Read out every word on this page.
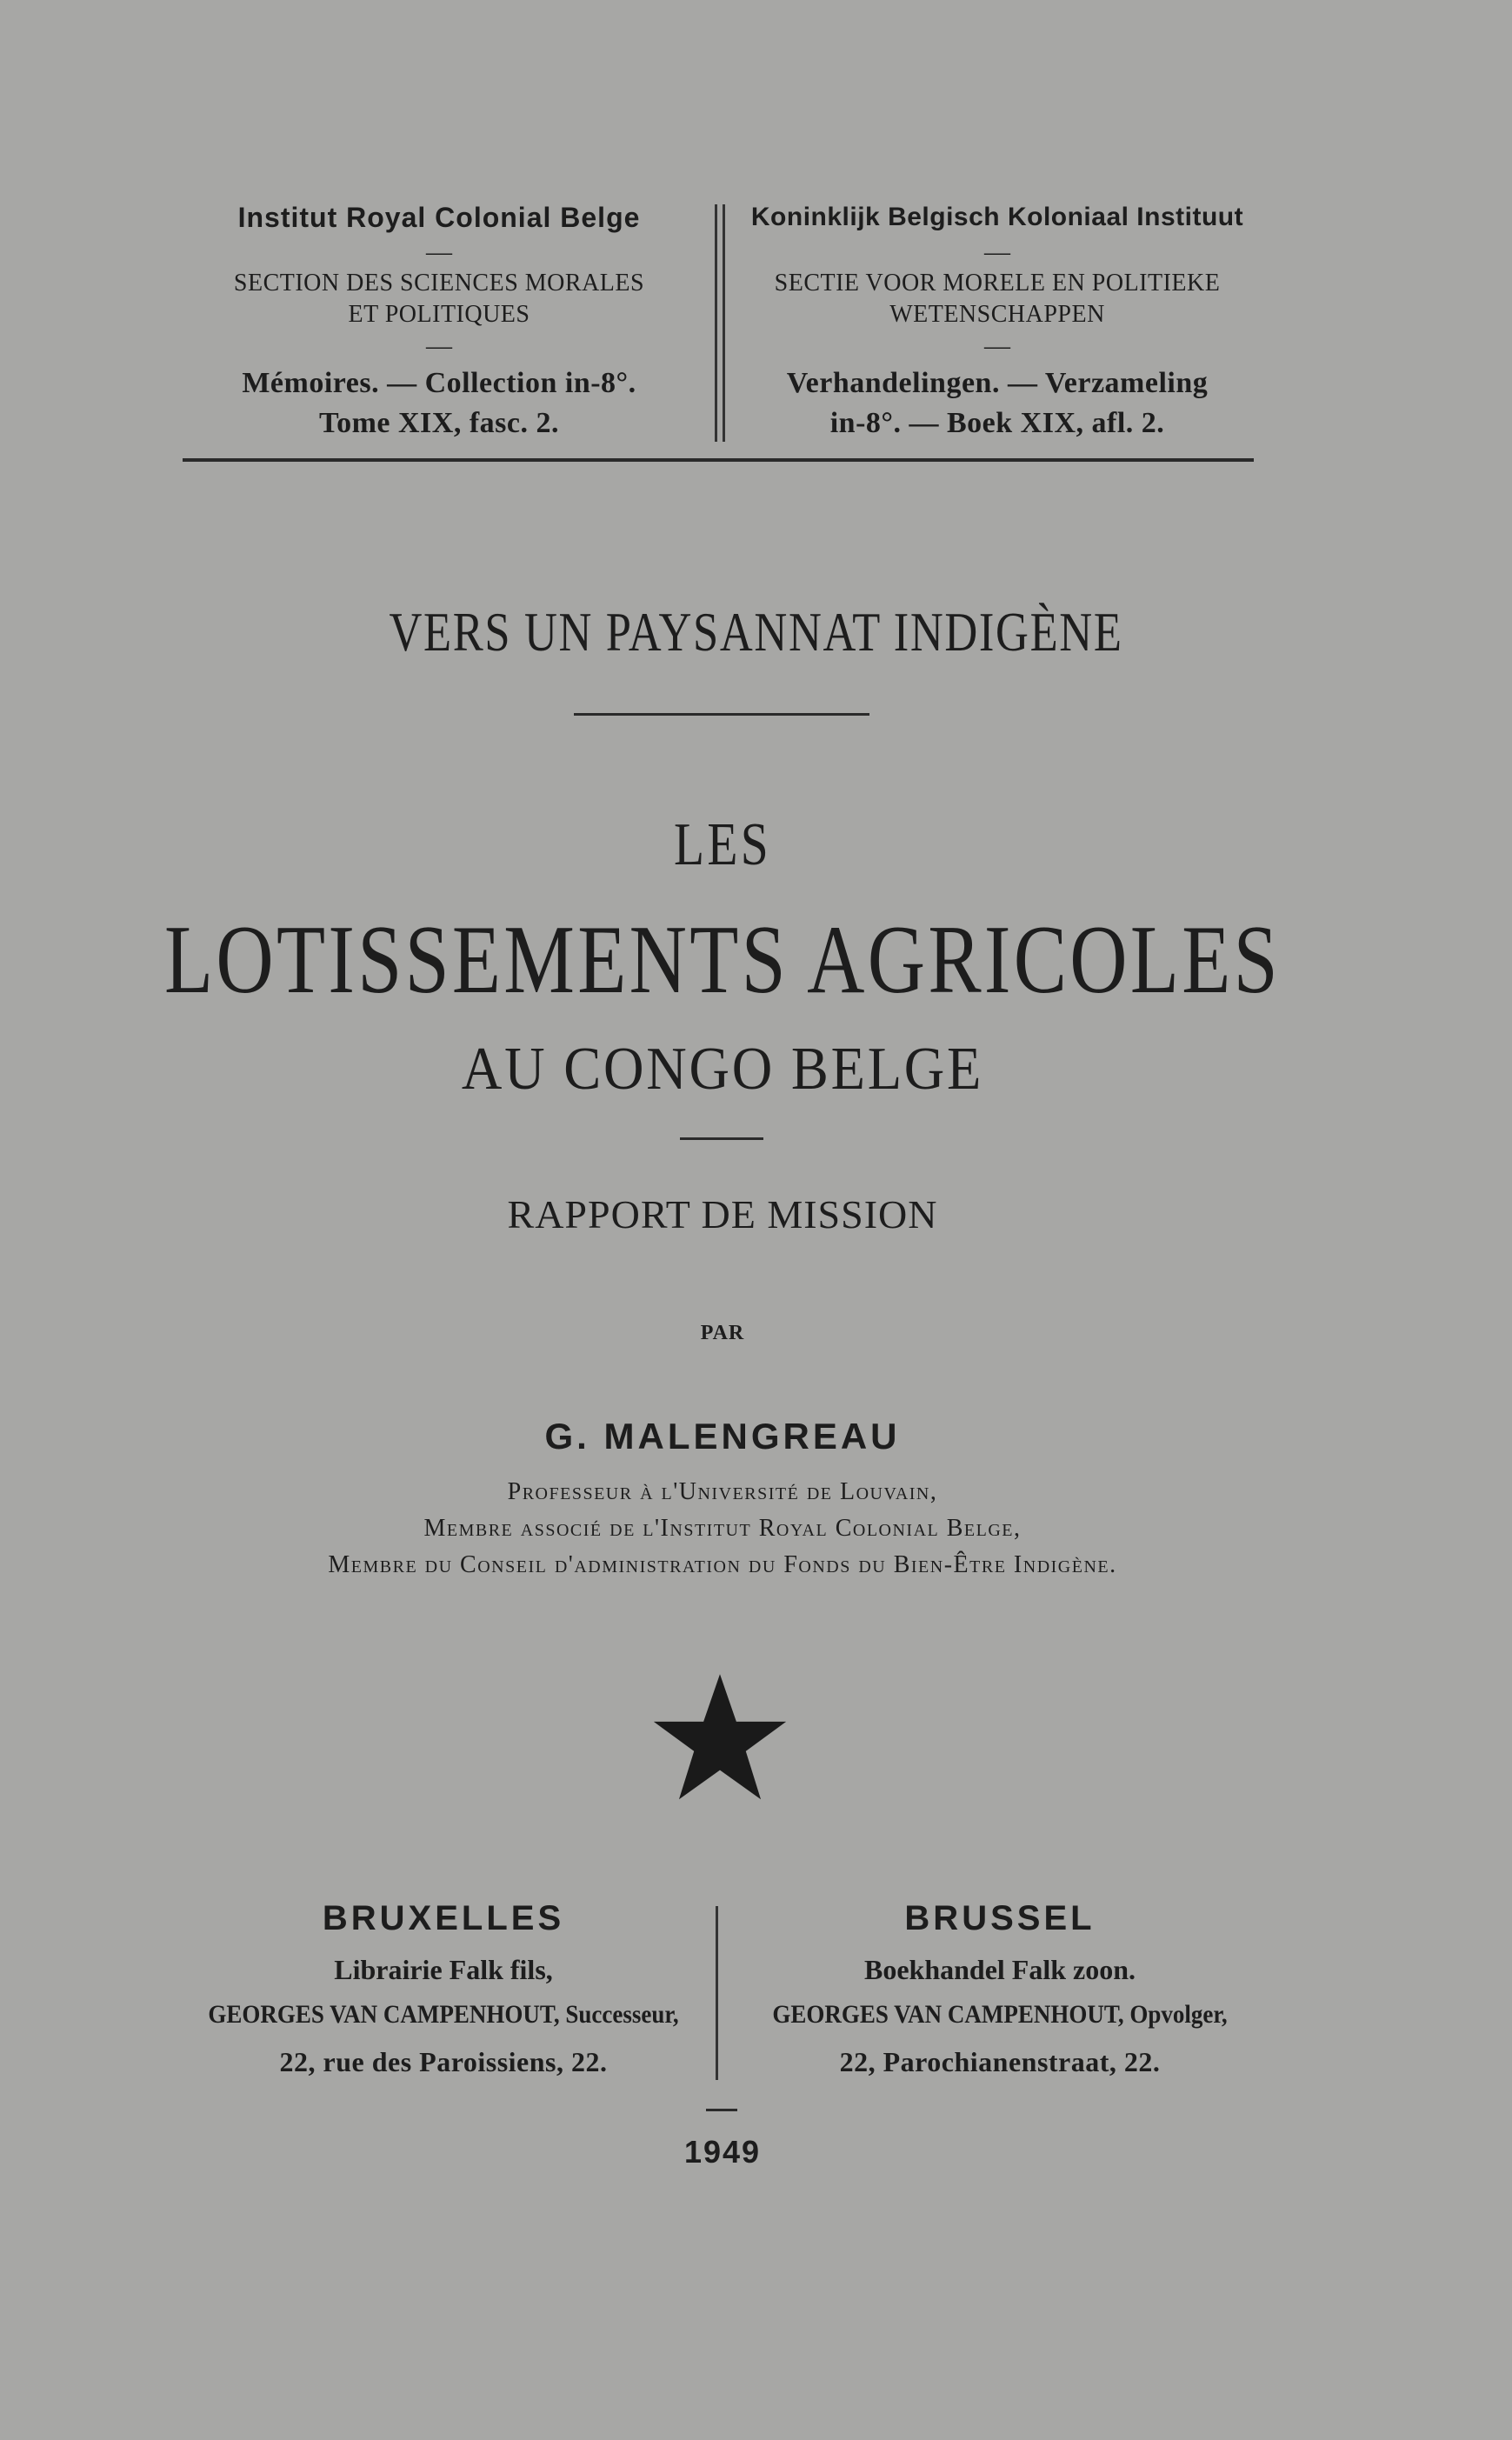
Institut Royal Colonial Belge
—
SECTION DES SCIENCES MORALES
ET POLITIQUES
—
Mémoires. — Collection in-8°.
Tome XIX, fasc. 2.
Koninklijk Belgisch Koloniaal Instituut
—
SECTIE VOOR MORELE EN POLITIEKE
WETENSCHAPPEN
—
Verhandelingen. — Verzameling
in-8°. — Boek XIX, afl. 2.
VERS UN PAYSANNAT INDIGÈNE
LES
LOTISSEMENTS AGRICOLES
AU CONGO BELGE
RAPPORT DE MISSION
PAR
G. MALENGREAU
Professeur à l'Université de Louvain,
Membre associé de l'Institut Royal Colonial Belge,
Membre du Conseil d'administration du Fonds du Bien-Être Indigène.
BRUXELLES
Librairie Falk fils,
GEORGES VAN CAMPENHOUT, Successeur,
22, rue des Paroissiens, 22.
BRUSSEL
Boekhandel Falk zoon.
GEORGES VAN CAMPENHOUT, Opvolger,
22, Parochianenstraat, 22.
1949
